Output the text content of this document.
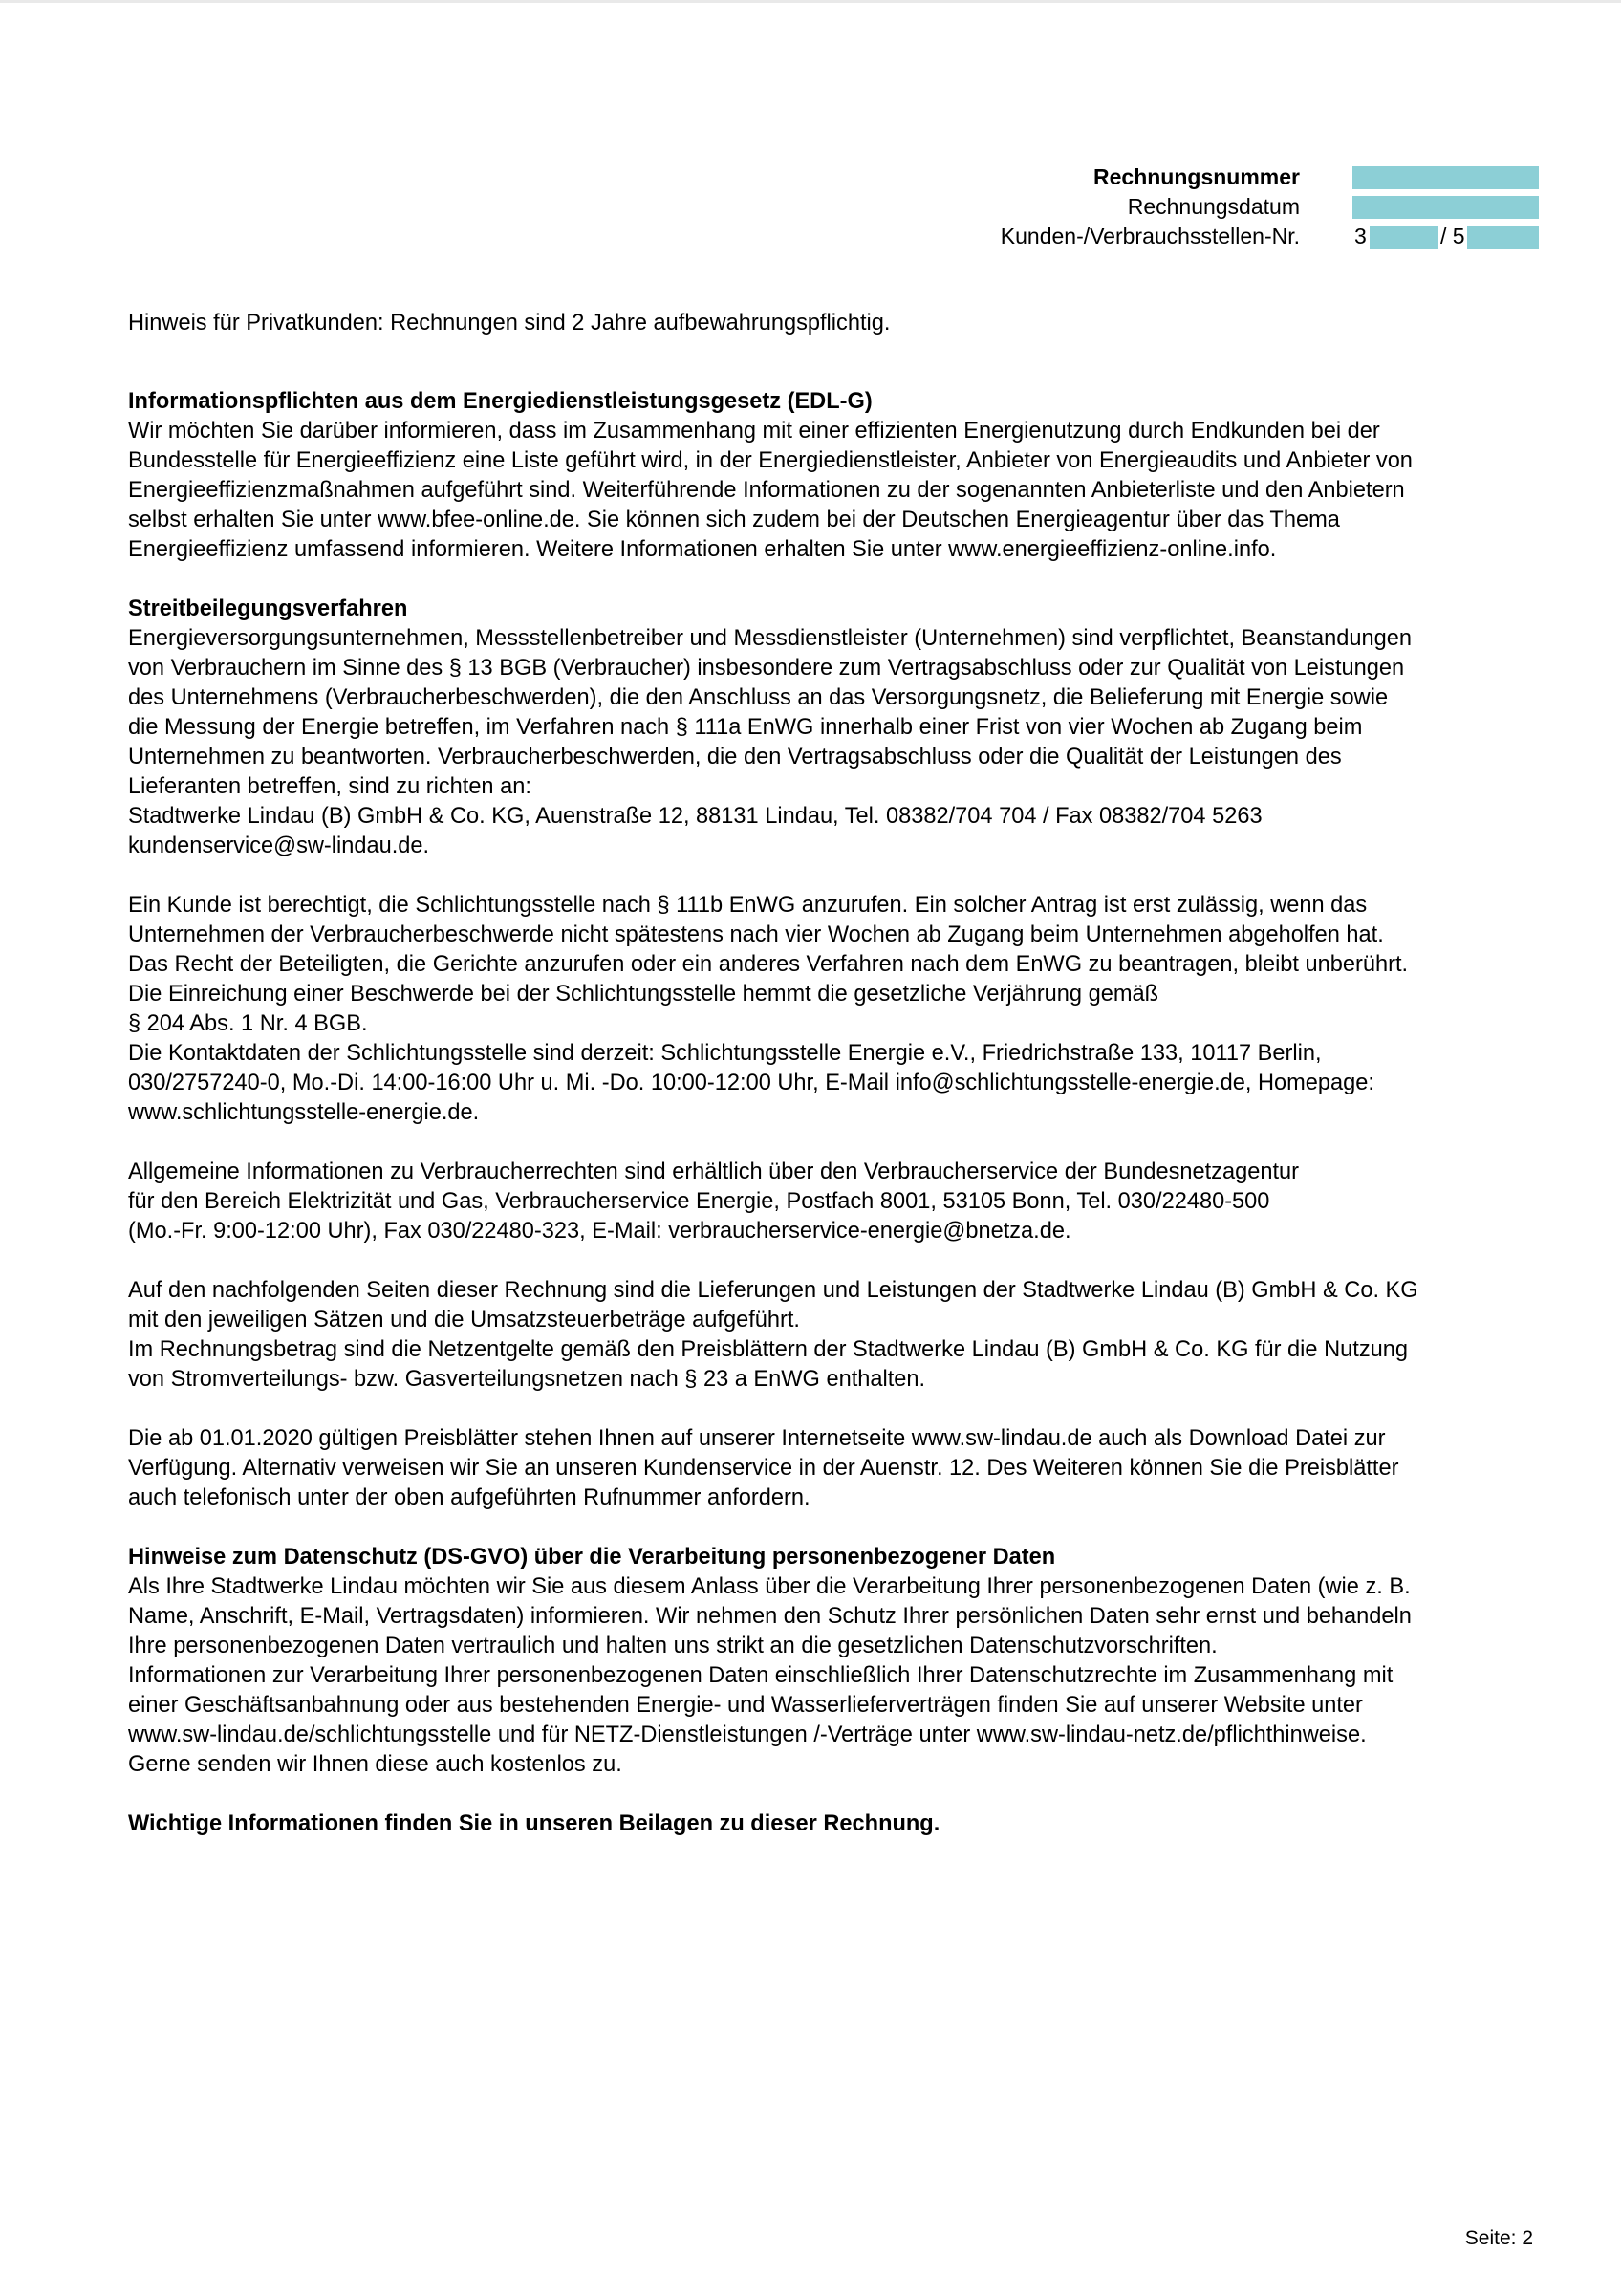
Rechnungsnummer
Rechnungsdatum
Kunden-/Verbrauchsstellen-Nr. 3	/ 5
Hinweis für Privatkunden: Rechnungen sind 2 Jahre aufbewahrungspflichtig.
Informationspflichten aus dem Energiedienstleistungsgesetz (EDL-G)
Wir möchten Sie darüber informieren, dass im Zusammenhang mit einer effizienten Energienutzung durch Endkunden bei der
Bundesstelle für Energieeffizienz eine Liste geführt wird, in der Energiedienstleister, Anbieter von Energieaudits und Anbieter von
Energieeffizienzmaßnahmen aufgeführt sind. Weiterführende Informationen zu der sogenannten Anbieterliste und den Anbietern
selbst erhalten Sie unter www.bfee-online.de. Sie können sich zudem bei der Deutschen Energieagentur über das Thema
Energieeffizienz umfassend informieren. Weitere Informationen erhalten Sie unter www.energieeffizienz-online.info.
Streitbeilegungsverfahren
Energieversorgungsunternehmen, Messstellenbetreiber und Messdienstleister (Unternehmen) sind verpflichtet, Beanstandungen
von Verbrauchern im Sinne des § 13 BGB (Verbraucher) insbesondere zum Vertragsabschluss oder zur Qualität von Leistungen
des Unternehmens (Verbraucherbeschwerden), die den Anschluss an das Versorgungsnetz, die Belieferung mit Energie sowie
die Messung der Energie betreffen, im Verfahren nach § 111a EnWG innerhalb einer Frist von vier Wochen ab Zugang beim
Unternehmen zu beantworten. Verbraucherbeschwerden, die den Vertragsabschluss oder die Qualität der Leistungen des
Lieferanten betreffen, sind zu richten an:
Stadtwerke Lindau (B) GmbH & Co. KG, Auenstraße 12, 88131 Lindau, Tel. 08382/704 704 / Fax 08382/704 5263
kundenservice@sw-lindau.de.
Ein Kunde ist berechtigt, die Schlichtungsstelle nach § 111b EnWG anzurufen. Ein solcher Antrag ist erst zulässig, wenn das
Unternehmen der Verbraucherbeschwerde nicht spätestens nach vier Wochen ab Zugang beim Unternehmen abgeholfen hat.
Das Recht der Beteiligten, die Gerichte anzurufen oder ein anderes Verfahren nach dem EnWG zu beantragen, bleibt unberührt.
Die Einreichung einer Beschwerde bei der Schlichtungsstelle hemmt die gesetzliche Verjährung gemäß
§ 204 Abs. 1 Nr. 4 BGB.
Die Kontaktdaten der Schlichtungsstelle sind derzeit: Schlichtungsstelle Energie e.V., Friedrichstraße 133, 10117 Berlin,
030/2757240-0, Mo.-Di. 14:00-16:00 Uhr u. Mi. -Do. 10:00-12:00 Uhr, E-Mail info@schlichtungsstelle-energie.de, Homepage:
www.schlichtungsstelle-energie.de.
Allgemeine Informationen zu Verbraucherrechten sind erhältlich über den Verbraucherservice der Bundesnetzagentur
für den Bereich Elektrizität und Gas, Verbraucherservice Energie, Postfach 8001, 53105 Bonn, Tel. 030/22480-500
(Mo.-Fr. 9:00-12:00 Uhr), Fax 030/22480-323, E-Mail: verbraucherservice-energie@bnetza.de.
Auf den nachfolgenden Seiten dieser Rechnung sind die Lieferungen und Leistungen der Stadtwerke Lindau (B) GmbH & Co. KG
mit den jeweiligen Sätzen und die Umsatzsteuerbeträge aufgeführt.
Im Rechnungsbetrag sind die Netzentgelte gemäß den Preisblättern der Stadtwerke Lindau (B) GmbH & Co. KG für die Nutzung
von Stromverteilungs- bzw. Gasverteilungsnetzen nach § 23 a EnWG enthalten.
Die ab 01.01.2020 gültigen Preisblätter stehen Ihnen auf unserer Internetseite www.sw-lindau.de auch als Download Datei zur
Verfügung. Alternativ verweisen wir Sie an unseren Kundenservice in der Auenstr. 12. Des Weiteren können Sie die Preisblätter
auch telefonisch unter der oben aufgeführten Rufnummer anfordern.
Hinweise zum Datenschutz (DS-GVO) über die Verarbeitung personenbezogener Daten
Als Ihre Stadtwerke Lindau möchten wir Sie aus diesem Anlass über die Verarbeitung Ihrer personenbezogenen Daten (wie z. B.
Name, Anschrift, E-Mail, Vertragsdaten) informieren. Wir nehmen den Schutz Ihrer persönlichen Daten sehr ernst und behandeln
Ihre personenbezogenen Daten vertraulich und halten uns strikt an die gesetzlichen Datenschutzvorschriften.
Informationen zur Verarbeitung Ihrer personenbezogenen Daten einschließlich Ihrer Datenschutzrechte im Zusammenhang mit
einer Geschäftsanbahnung oder aus bestehenden Energie- und Wasserlieferverträgen finden Sie auf unserer Website unter
www.sw-lindau.de/schlichtungsstelle und für NETZ-Dienstleistungen /-Verträge unter www.sw-lindau-netz.de/pflichthinweise.
Gerne senden wir Ihnen diese auch kostenlos zu.
Wichtige Informationen finden Sie in unseren Beilagen zu dieser Rechnung.
Seite: 2
